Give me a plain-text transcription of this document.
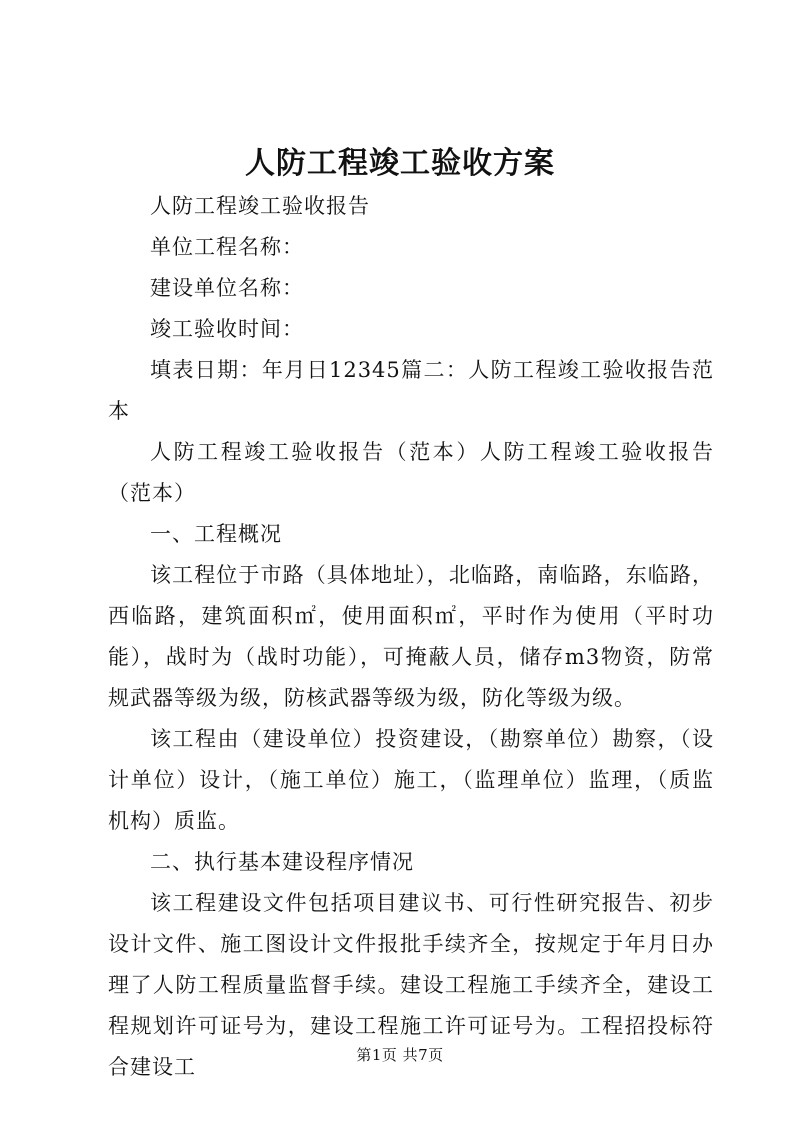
人防工程竣工验收方案

人防工程竣工验收报告

单位工程名称：

建设单位名称：

竣工验收时间：

填表日期：年月日12345篇二：人防工程竣工验收报告范本

人防工程竣工验收报告（范本）人防工程竣工验收报告（范本）

一、工程概况

该工程位于市路（具体地址），北临路，南临路，东临路，西临路，建筑面积㎡，使用面积㎡，平时作为使用（平时功能），战时为（战时功能），可掩蔽人员，储存m3物资，防常规武器等级为级，防核武器等级为级，防化等级为级。

该工程由（建设单位）投资建设，（勘察单位）勘察，（设计单位）设计，（施工单位）施工，（监理单位）监理，（质监机构）质监。

二、执行基本建设程序情况

该工程建设文件包括项目建议书、可行性研究报告、初步设计文件、施工图设计文件报批手续齐全，按规定于年月日办理了人防工程质量监督手续。建设工程施工手续齐全，建设工程规划许可证号为，建设工程施工许可证号为。工程招投标符合建设工	第1页 共7页
